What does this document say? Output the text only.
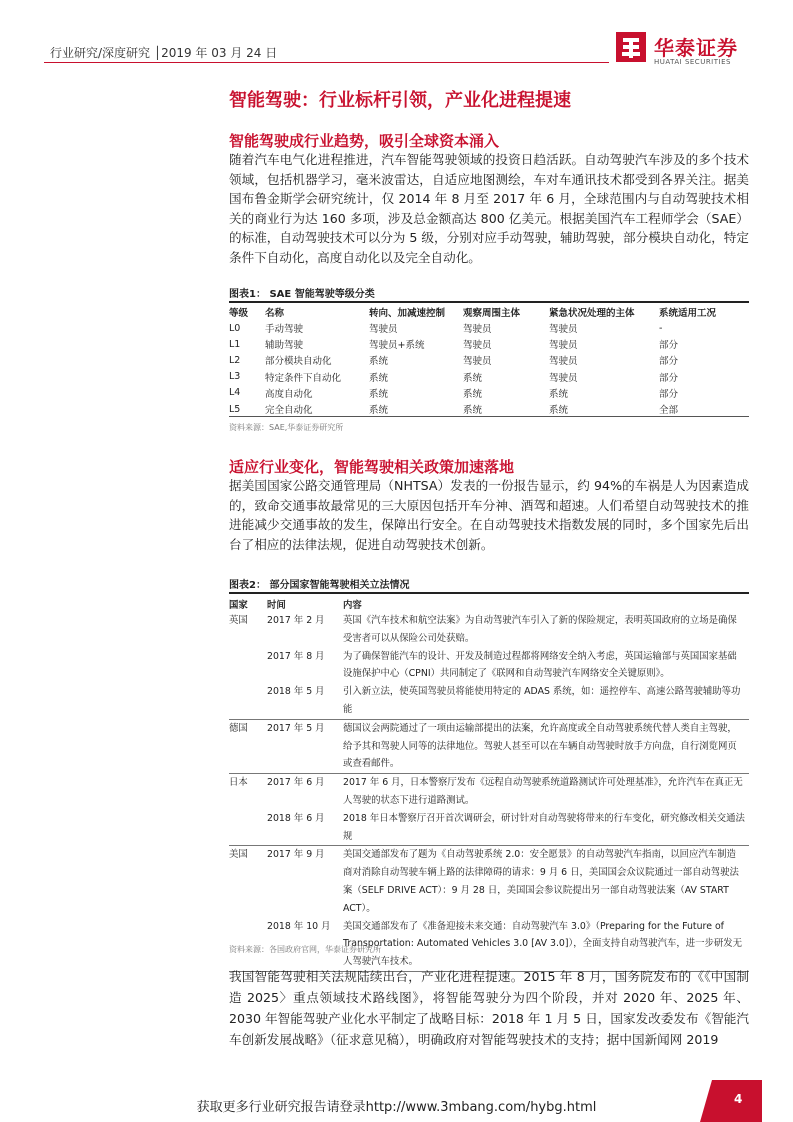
行业研究/深度研究 │2019 年 03 月 24 日	华泰证券
HUATAI SECURITIES
智能驾驶：行业标杆引领，产业化进程提速
智能驾驶成行业趋势，吸引全球资本涌入

随着汽车电气化进程推进，汽车智能驾驶领域的投资日趋活跃。自动驾驶汽车涉及的多个技术领域，包括机器学习，毫米波雷达，自适应地图测绘，车对车通讯技术都受到各界关注。据美国布鲁金斯学会研究统计，仅 2014 年 8 月至 2017 年 6 月，全球范围内与自动驾驶技术相关的商业行为达 160 多项，涉及总金额高达 800 亿美元。根据美国汽车工程师学会（SAE）的标准，自动驾驶技术可以分为 5 级，分别对应手动驾驶，辅助驾驶，部分模块自动化，特定条件下自动化，高度自动化以及完全自动化。

图表1： SAE 智能驾驶等级分类
等级	名称	转向、加减速控制	观察周围主体	紧急状况处理的主体	系统适用工况
L0	手动驾驶	驾驶员	驾驶员	驾驶员	-
L1	辅助驾驶	驾驶员+系统	驾驶员	驾驶员	部分
L2	部分模块自动化	系统	驾驶员	驾驶员	部分
L3	特定条件下自动化	系统	系统	驾驶员	部分
L4	高度自动化	系统	系统	系统	部分
L5	完全自动化	系统	系统	系统	全部
资料来源：SAE,华泰证券研究所
适应行业变化，智能驾驶相关政策加速落地

据美国国家公路交通管理局（NHTSA）发表的一份报告显示，约 94%的车祸是人为因素造成的，致命交通事故最常见的三大原因包括开车分神、酒驾和超速。人们希望自动驾驶技术的推进能减少交通事故的发生，保障出行安全。在自动驾驶技术指数发展的同时，多个国家先后出台了相应的法律法规，促进自动驾驶技术创新。

图表2： 部分国家智能驾驶相关立法情况
国家	时间	内容
英国	2017 年 2 月	英国《汽车技术和航空法案》为自动驾驶汽车引入了新的保险规定，表明英国政府的立场是确保受害者可以从保险公司处获赔。
	2017 年 8 月	为了确保智能汽车的设计、开发及制造过程都将网络安全纳入考虑，英国运输部与英国国家基础设施保护中心（CPNI）共同制定了《联网和自动驾驶汽车网络安全关键原则》。
	2018 年 5 月	引入新立法，使英国驾驶员将能使用特定的 ADAS 系统，如：遥控停车、高速公路驾驶辅助等功能
德国	2017 年 5 月	德国议会两院通过了一项由运输部提出的法案，允许高度或全自动驾驶系统代替人类自主驾驶，给予其和驾驶人同等的法律地位。驾驶人甚至可以在车辆自动驾驶时放手方向盘，自行浏览网页或查看邮件。
日本	2017 年 6 月	2017 年 6 月，日本警察厅发布《远程自动驾驶系统道路测试许可处理基准》，允许汽车在真正无人驾驶的状态下进行道路测试。
	2018 年 6 月	2018 年日本警察厅召开首次调研会，研讨针对自动驾驶将带来的行车变化，研究修改相关交通法规
美国	2017 年 9 月	美国交通部发布了题为《自动驾驶系统 2.0：安全愿景》的自动驾驶汽车指南，以回应汽车制造商对消除自动驾驶车辆上路的法律障碍的请求：9 月 6 日，美国国会众议院通过一部自动驾驶法案（SELF DRIVE ACT）：9 月 28 日，美国国会参议院提出另一部自动驾驶法案（AV START ACT）。
	2018 年 10 月	美国交通部发布了《准备迎接未来交通：自动驾驶汽车 3.0》（Preparing for the Future of Transportation: Automated Vehicles 3.0 [AV 3.0]），全面支持自动驾驶汽车，进一步研发无人驾驶汽车技术。
资料来源：各国政府官网，华泰证券研究所

我国智能驾驶相关法规陆续出台，产业化进程提速。2015 年 8 月，国务院发布的《《中国制造 2025〉重点领域技术路线图》，将智能驾驶分为四个阶段，并对 2020 年、2025 年、2030 年智能驾驶产业化水平制定了战略目标：2018 年 1 月 5 日，国家发改委发布《智能汽车创新发展战略》（征求意见稿），明确政府对智能驾驶技术的支持；据中国新闻网 2019

4
获取更多行业研究报告请登录http://www.3mbang.com/hybg.html
